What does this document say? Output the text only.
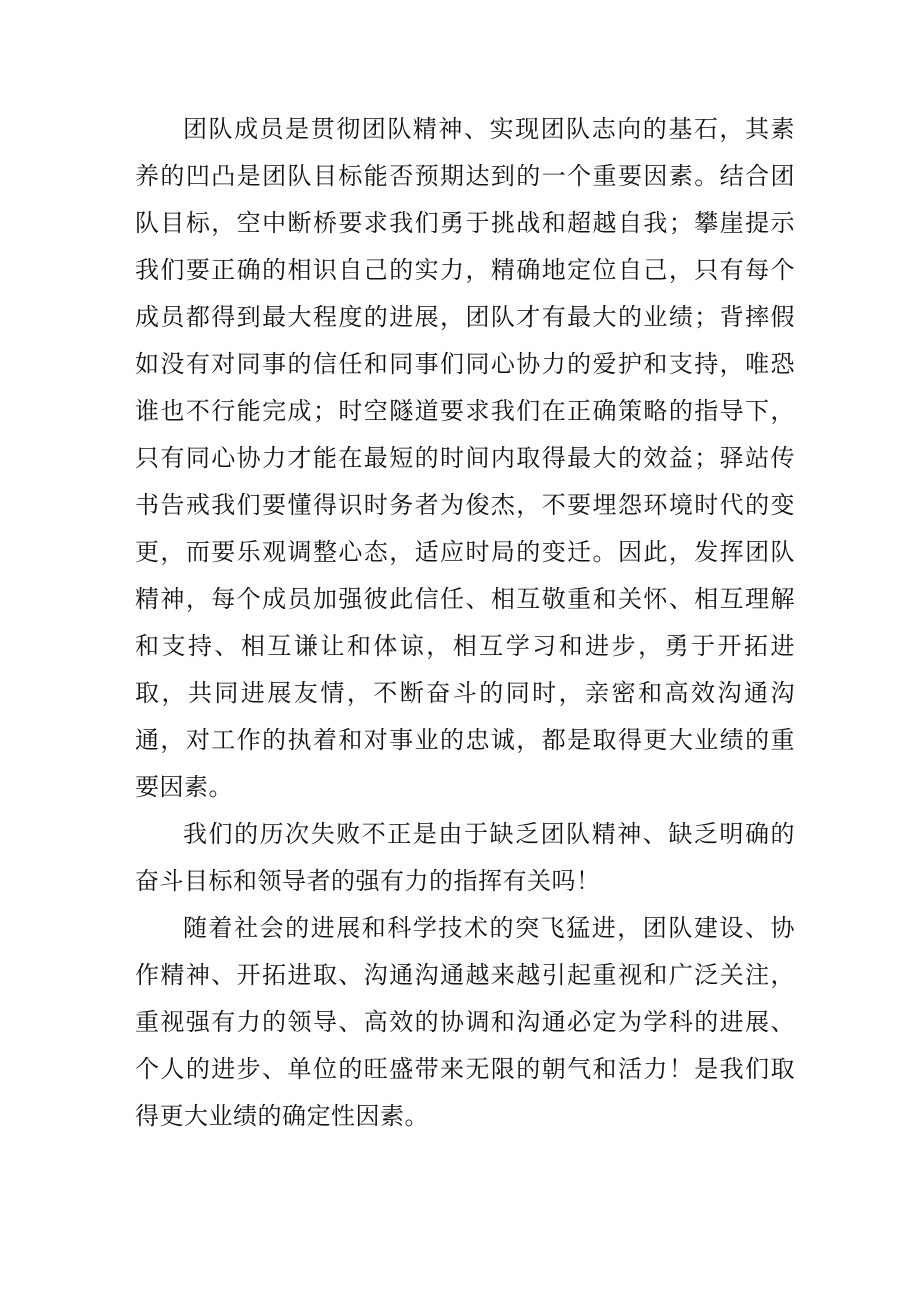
团队成员是贯彻团队精神、实现团队志向的基石，其素养的凹凸是团队目标能否预期达到的一个重要因素。结合团队目标，空中断桥要求我们勇于挑战和超越自我；攀崖提示我们要正确的相识自己的实力，精确地定位自己，只有每个成员都得到最大程度的进展，团队才有最大的业绩；背摔假如没有对同事的信任和同事们同心协力的爱护和支持，唯恐谁也不行能完成；时空隧道要求我们在正确策略的指导下，只有同心协力才能在最短的时间内取得最大的效益；驿站传书告戒我们要懂得识时务者为俊杰，不要埋怨环境时代的变更，而要乐观调整心态，适应时局的变迁。因此，发挥团队精神，每个成员加强彼此信任、相互敬重和关怀、相互理解和支持、相互谦让和体谅，相互学习和进步，勇于开拓进取，共同进展友情，不断奋斗的同时，亲密和高效沟通沟通，对工作的执着和对事业的忠诚，都是取得更大业绩的重要因素。

我们的历次失败不正是由于缺乏团队精神、缺乏明确的奋斗目标和领导者的强有力的指挥有关吗！

随着社会的进展和科学技术的突飞猛进，团队建设、协作精神、开拓进取、沟通沟通越来越引起重视和广泛关注，重视强有力的领导、高效的协调和沟通必定为学科的进展、个人的进步、单位的旺盛带来无限的朝气和活力！是我们取得更大业绩的确定性因素。
